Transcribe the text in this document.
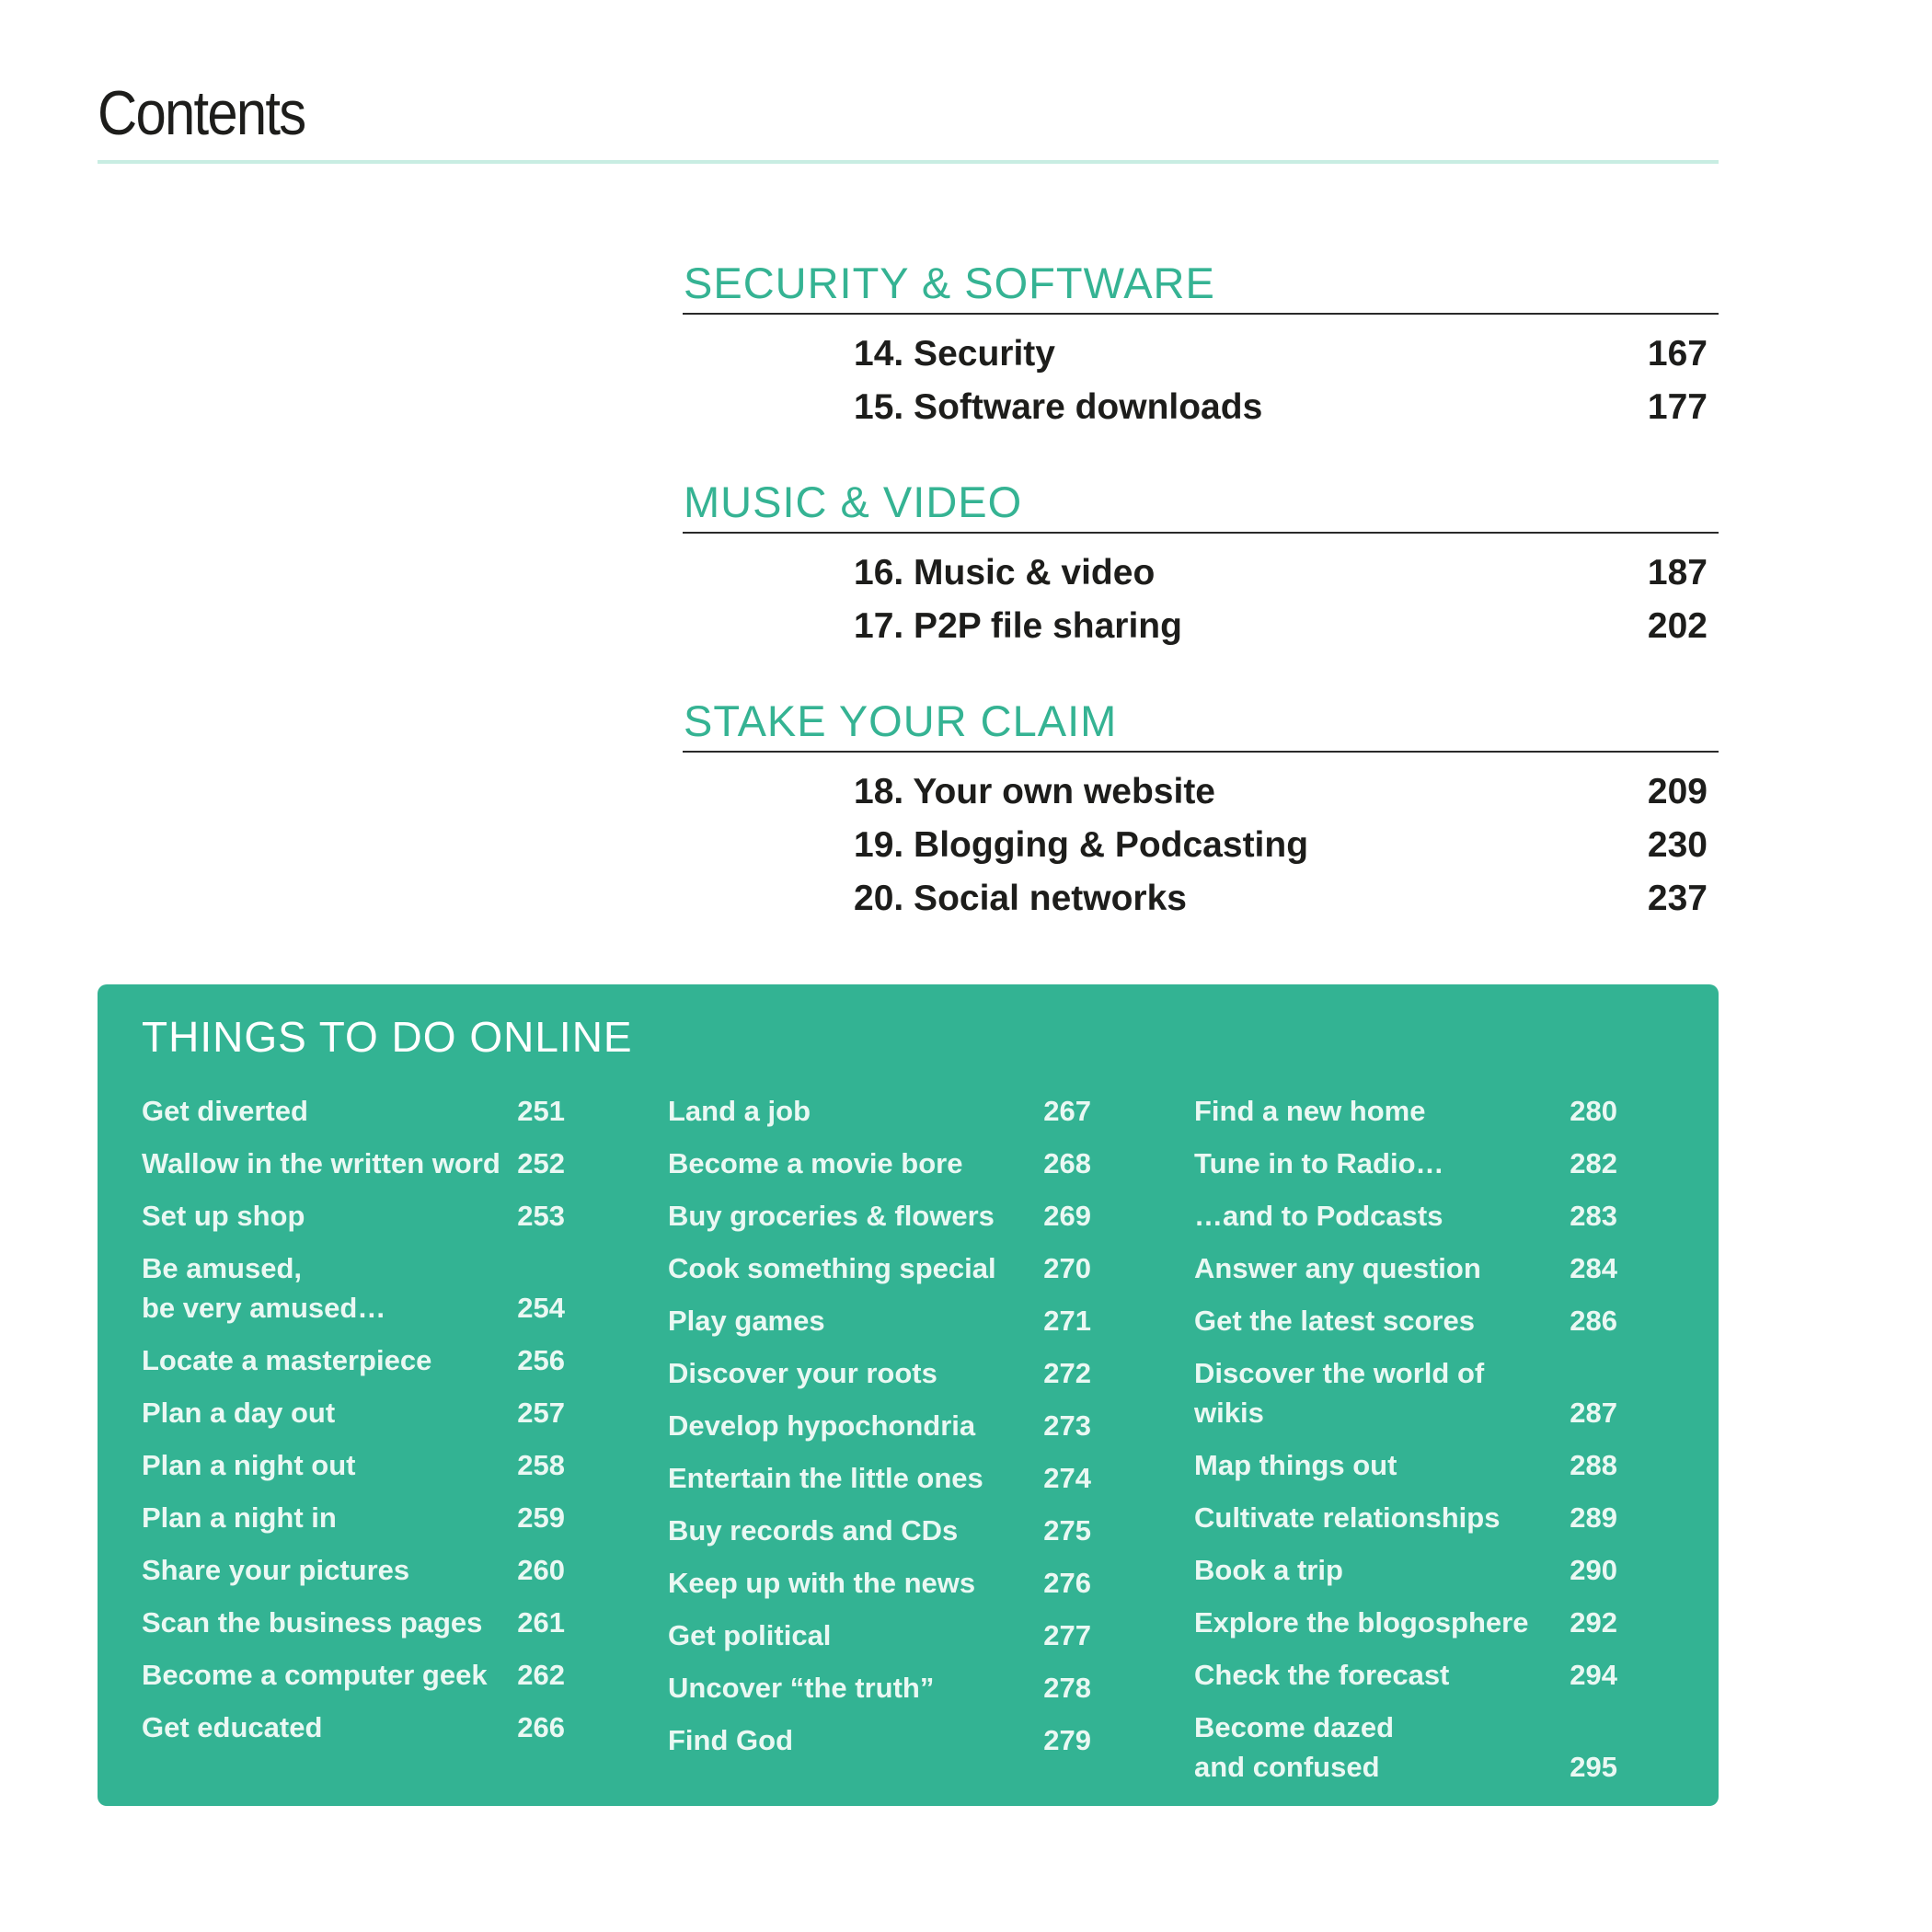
Contents
SECURITY & SOFTWARE
14. Security	167
15. Software downloads	177
MUSIC & VIDEO
16. Music & video	187
17. P2P file sharing	202
STAKE YOUR CLAIM
18. Your own website	209
19. Blogging & Podcasting	230
20. Social networks	237
THINGS TO DO ONLINE
Get diverted	251
Wallow in the written word 252
Set up shop	253
Be amused,
be very amused…	254
Locate a masterpiece	256
Plan a day out	257
Plan a night out	258
Plan a night in	259
Share your pictures	260
Scan the business pages	261
Become a computer geek	262
Get educated	266
Land a job	267
Become a movie bore	268
Buy groceries & flowers	269
Cook something special	270
Play games	271
Discover your roots	272
Develop hypochondria	273
Entertain the little ones	274
Buy records and CDs	275
Keep up with the news	276
Get political	277
Uncover “the truth”	278
Find God	279
Find a new home	280
Tune in to Radio…	282
…and to Podcasts	283
Answer any question	284
Get the latest scores	286
Discover the world of wikis	287
Map things out	288
Cultivate relationships	289
Book a trip	290
Explore the blogosphere	292
Check the forecast	294
Become dazed
and confused	295
